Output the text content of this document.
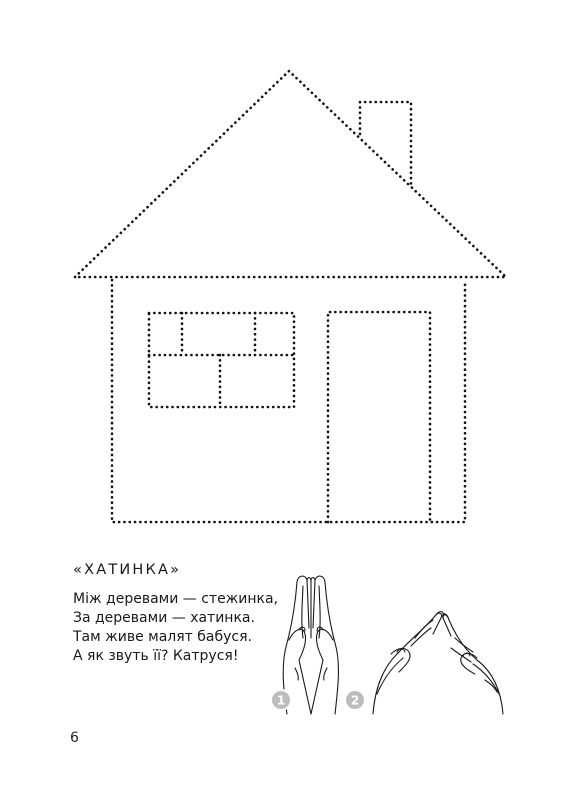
«ХАТИНКА»

Між деревами — стежинка,

За деревами — хатинка.

Там живе малят бабуся.

А як звуть її? Катруся!

1	2
6
